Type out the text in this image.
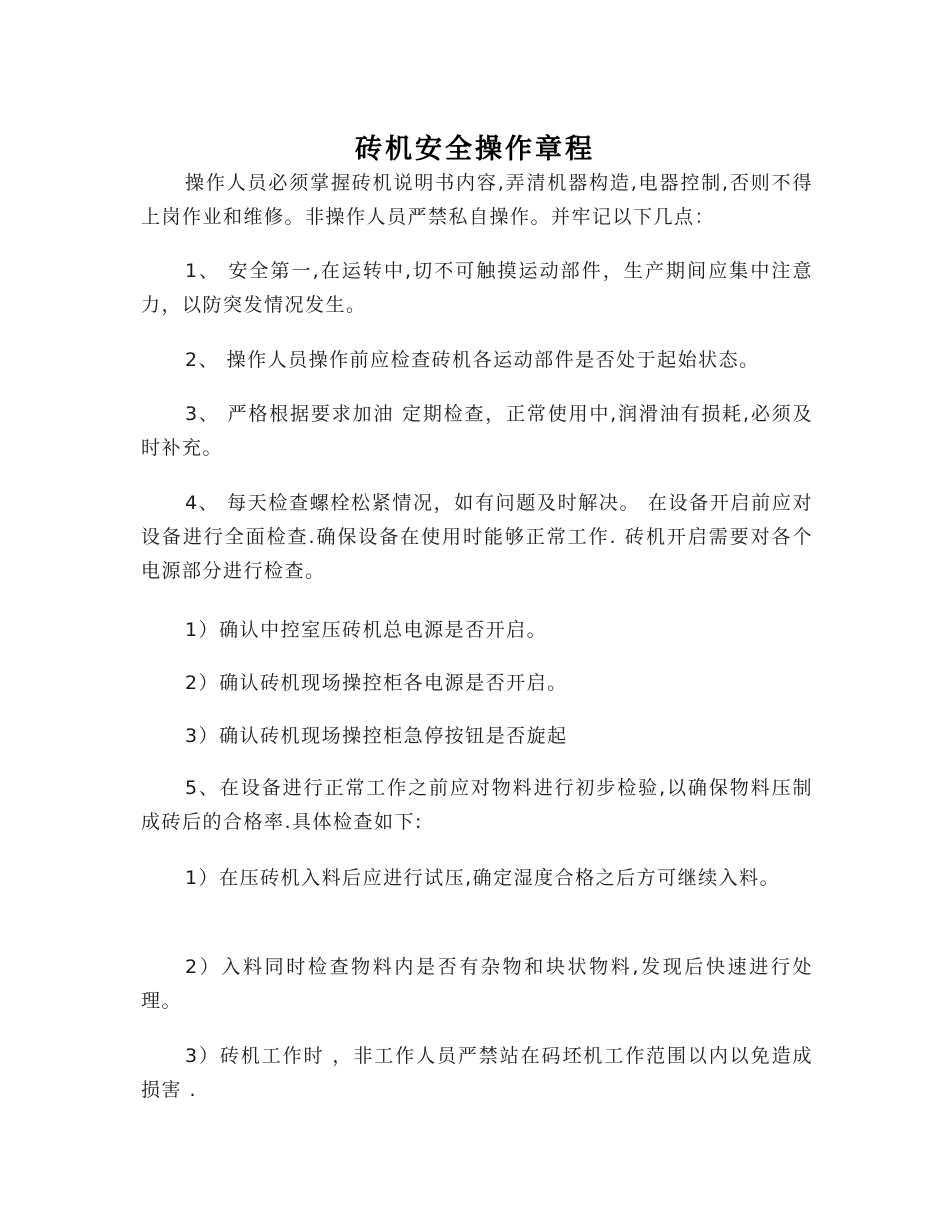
砖机安全操作章程

操作人员必须掌握砖机说明书内容,弄清机器构造,电器控制,否则不得上岗作业和维修。非操作人员严禁私自操作。并牢记以下几点：

1、 安全第一,在运转中,切不可触摸运动部件，生产期间应集中注意力，以防突发情况发生。

2、 操作人员操作前应检查砖机各运动部件是否处于起始状态。

3、 严格根据要求加油 定期检查，正常使用中,润滑油有损耗,必须及时补充。

4、 每天检查螺栓松紧情况，如有问题及时解决。 在设备开启前应对设备进行全面检查.确保设备在使用时能够正常工作. 砖机开启需要对各个电源部分进行检查。

1）确认中控室压砖机总电源是否开启。

2）确认砖机现场操控柜各电源是否开启。

3）确认砖机现场操控柜急停按钮是否旋起

5、在设备进行正常工作之前应对物料进行初步检验,以确保物料压制成砖后的合格率.具体检查如下:

1）在压砖机入料后应进行试压,确定湿度合格之后方可继续入料。

2）入料同时检查物料内是否有杂物和块状物料,发现后快速进行处理。

3）砖机工作时 ，非工作人员严禁站在码坯机工作范围以内以免造成损害 .
